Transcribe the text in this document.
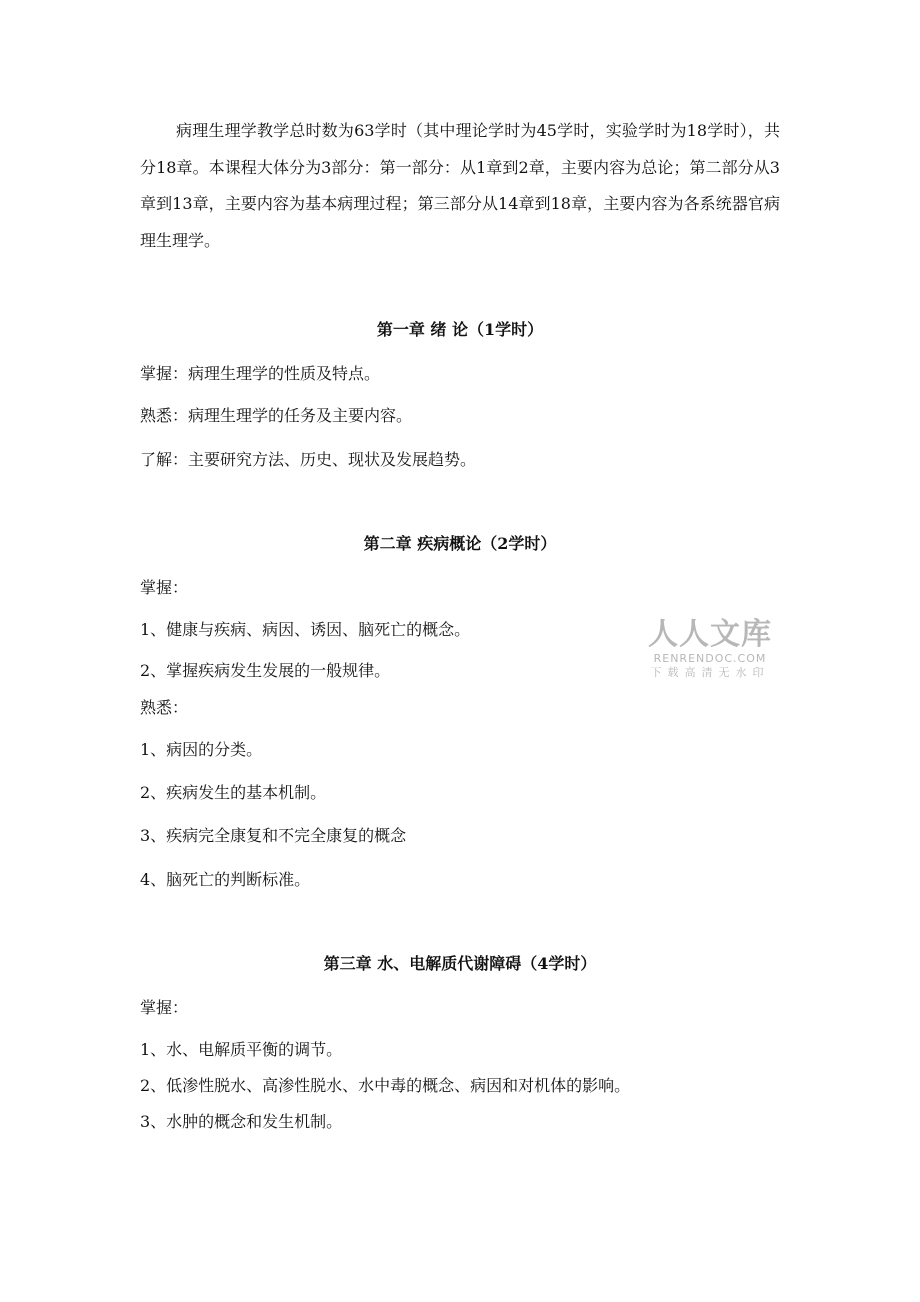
病理生理学教学总时数为63学时（其中理论学时为45学时，实验学时为18学时），共分18章。本课程大体分为3部分：第一部分：从1章到2章，主要内容为总论；第二部分从3章到13章，主要内容为基本病理过程；第三部分从14章到18章，主要内容为各系统器官病理生理学。

第一章 绪 论（1学时）
掌握：病理生理学的性质及特点。
熟悉：病理生理学的任务及主要内容。
了解：主要研究方法、历史、现状及发展趋势。
第二章 疾病概论（2学时）
掌握：
1、健康与疾病、病因、诱因、脑死亡的概念。
2、掌握疾病发生发展的一般规律。
熟悉：
1、病因的分类。
2、疾病发生的基本机制。
3、疾病完全康复和不完全康复的概念
4、脑死亡的判断标准。
第三章 水、电解质代谢障碍（4学时）
掌握：
1、水、电解质平衡的调节。
2、低渗性脱水、高渗性脱水、水中毒的概念、病因和对机体的影响。
3、水肿的概念和发生机制。
人人文库
RENRENDOC.COM
下载高清无水印
